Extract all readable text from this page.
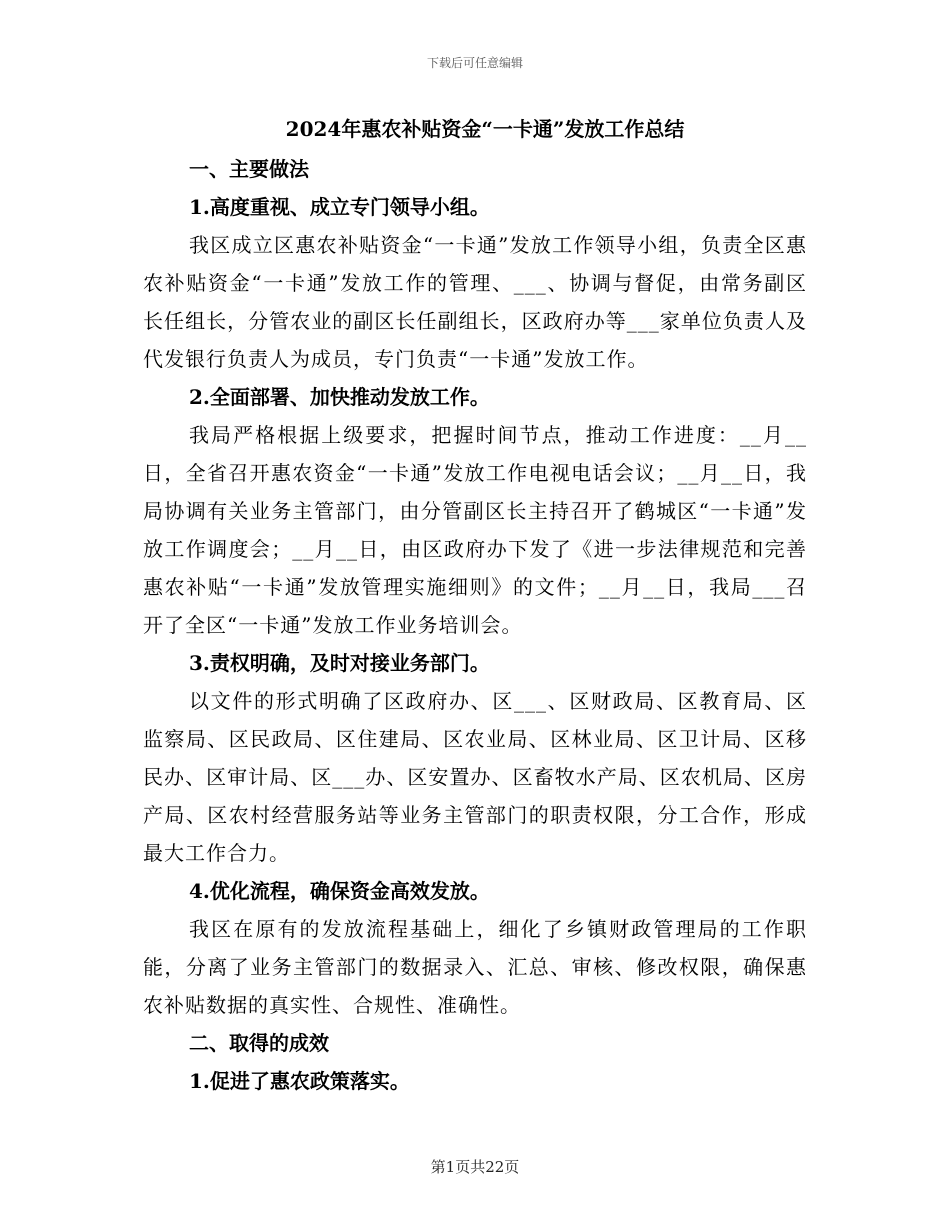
下载后可任意编辑
2024年惠农补贴资金“一卡通”发放工作总结
一、主要做法
1.高度重视、成立专门领导小组。

我区成立区惠农补贴资金“一卡通”发放工作领导小组，负责全区惠农补贴资金“一卡通”发放工作的管理、___、协调与督促，由常务副区长任组长，分管农业的副区长任副组长，区政府办等___家单位负责人及代发银行负责人为成员，专门负责“一卡通”发放工作。

2.全面部署、加快推动发放工作。

我局严格根据上级要求，把握时间节点，推动工作进度：__月__日，全省召开惠农资金“一卡通”发放工作电视电话会议；__月__日，我局协调有关业务主管部门，由分管副区长主持召开了鹤城区“一卡通”发放工作调度会；__月__日，由区政府办下发了《进一步法律规范和完善惠农补贴“一卡通”发放管理实施细则》的文件；__月__日，我局___召开了全区“一卡通”发放工作业务培训会。

3.责权明确，及时对接业务部门。

以文件的形式明确了区政府办、区___、区财政局、区教育局、区监察局、区民政局、区住建局、区农业局、区林业局、区卫计局、区移民办、区审计局、区___办、区安置办、区畜牧水产局、区农机局、区房产局、区农村经营服务站等业务主管部门的职责权限，分工合作，形成最大工作合力。

4.优化流程，确保资金高效发放。

我区在原有的发放流程基础上，细化了乡镇财政管理局的工作职能，分离了业务主管部门的数据录入、汇总、审核、修改权限，确保惠农补贴数据的真实性、合规性、准确性。

二、取得的成效
1.促进了惠农政策落实。
第1页共22页
